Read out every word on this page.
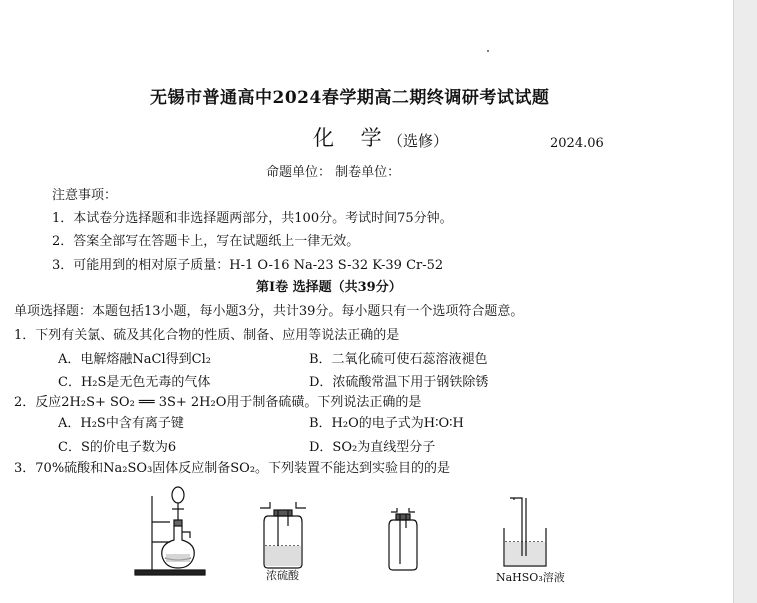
无锡市普通高中2024春学期高二期终调研考试试题
化 学
（选修）	2024.06
命题单位： 制卷单位：
注意事项：
1．本试卷分选择题和非选择题两部分，共100分。考试时间75分钟。
2．答案全部写在答题卡上，写在试题纸上一律无效。
3．可能用到的相对原子质量：H-1 O-16 Na-23 S-32 K-39 Cr-52
第Ⅰ卷 选择题（共39分）
单项选择题：本题包括13小题，每小题3分，共计39分。每小题只有一个选项符合题意。
1．下列有关氯、硫及其化合物的性质、制备、应用等说法正确的是
A．电解熔融NaCl得到Cl₂	B．二氧化硫可使石蕊溶液褪色
C．H₂S是无色无毒的气体	D．浓硫酸常温下用于钢铁除锈
2．反应2H₂S+ SO₂ ══ 3S+ 2H₂O用于制备硫磺。下列说法正确的是
A．H₂S中含有离子键	B．H₂O的电子式为H∶O∶H
C．S的价电子数为6	D．SO₂为直线型分子
3．70%硫酸和Na₂SO₃固体反应制备SO₂。下列装置不能达到实验目的的是
浓硫酸	NaHSO₃溶液
